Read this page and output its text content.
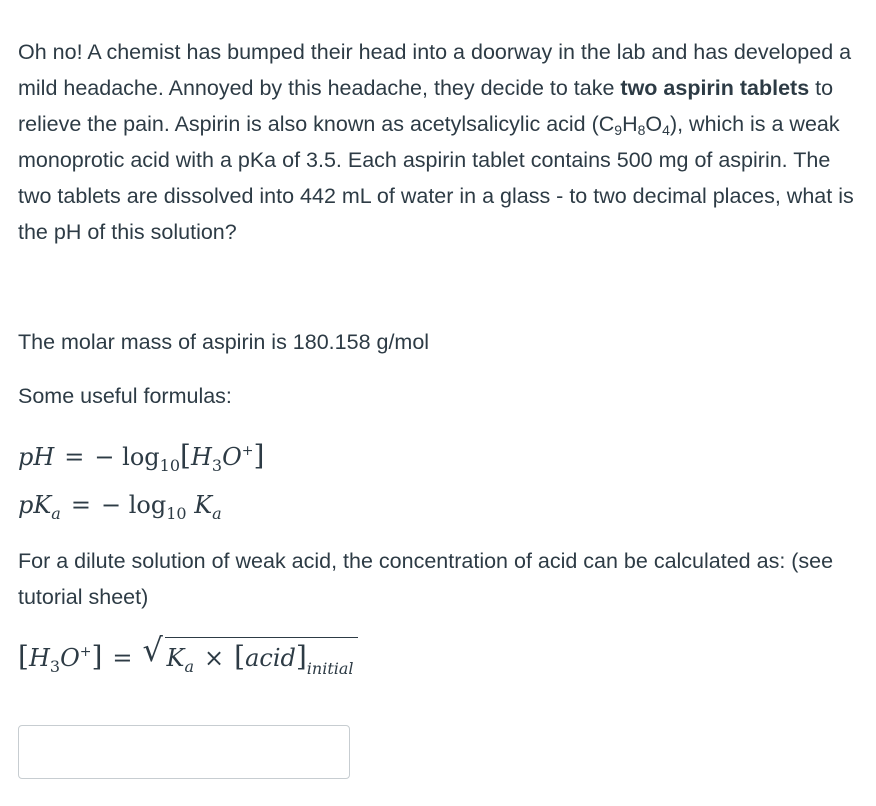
Oh no! A chemist has bumped their head into a doorway in the lab and has developed a mild headache. Annoyed by this headache, they decide to take two aspirin tablets to relieve the pain. Aspirin is also known as acetylsalicylic acid $(C_9H_8O_4)$, which is a weak monoprotic acid with a pKa of 3.5. Each aspirin tablet contains 500 mg of aspirin. The two tablets are dissolved into 442 mL of water in a glass - to two decimal places, what is the pH of this solution?

The molar mass of aspirin is 180.158 g/mol

Some useful formulas:

pH = − $\log_{10}[H_3O^+]$
$pK_a$ = − $\log_{10} K_a$

For a dilute solution of weak acid, the concentration of acid can be calculated as: (see tutorial sheet)

$[H_3O^+]$ = √ $K_a$ × $[acid]_{initial}$
